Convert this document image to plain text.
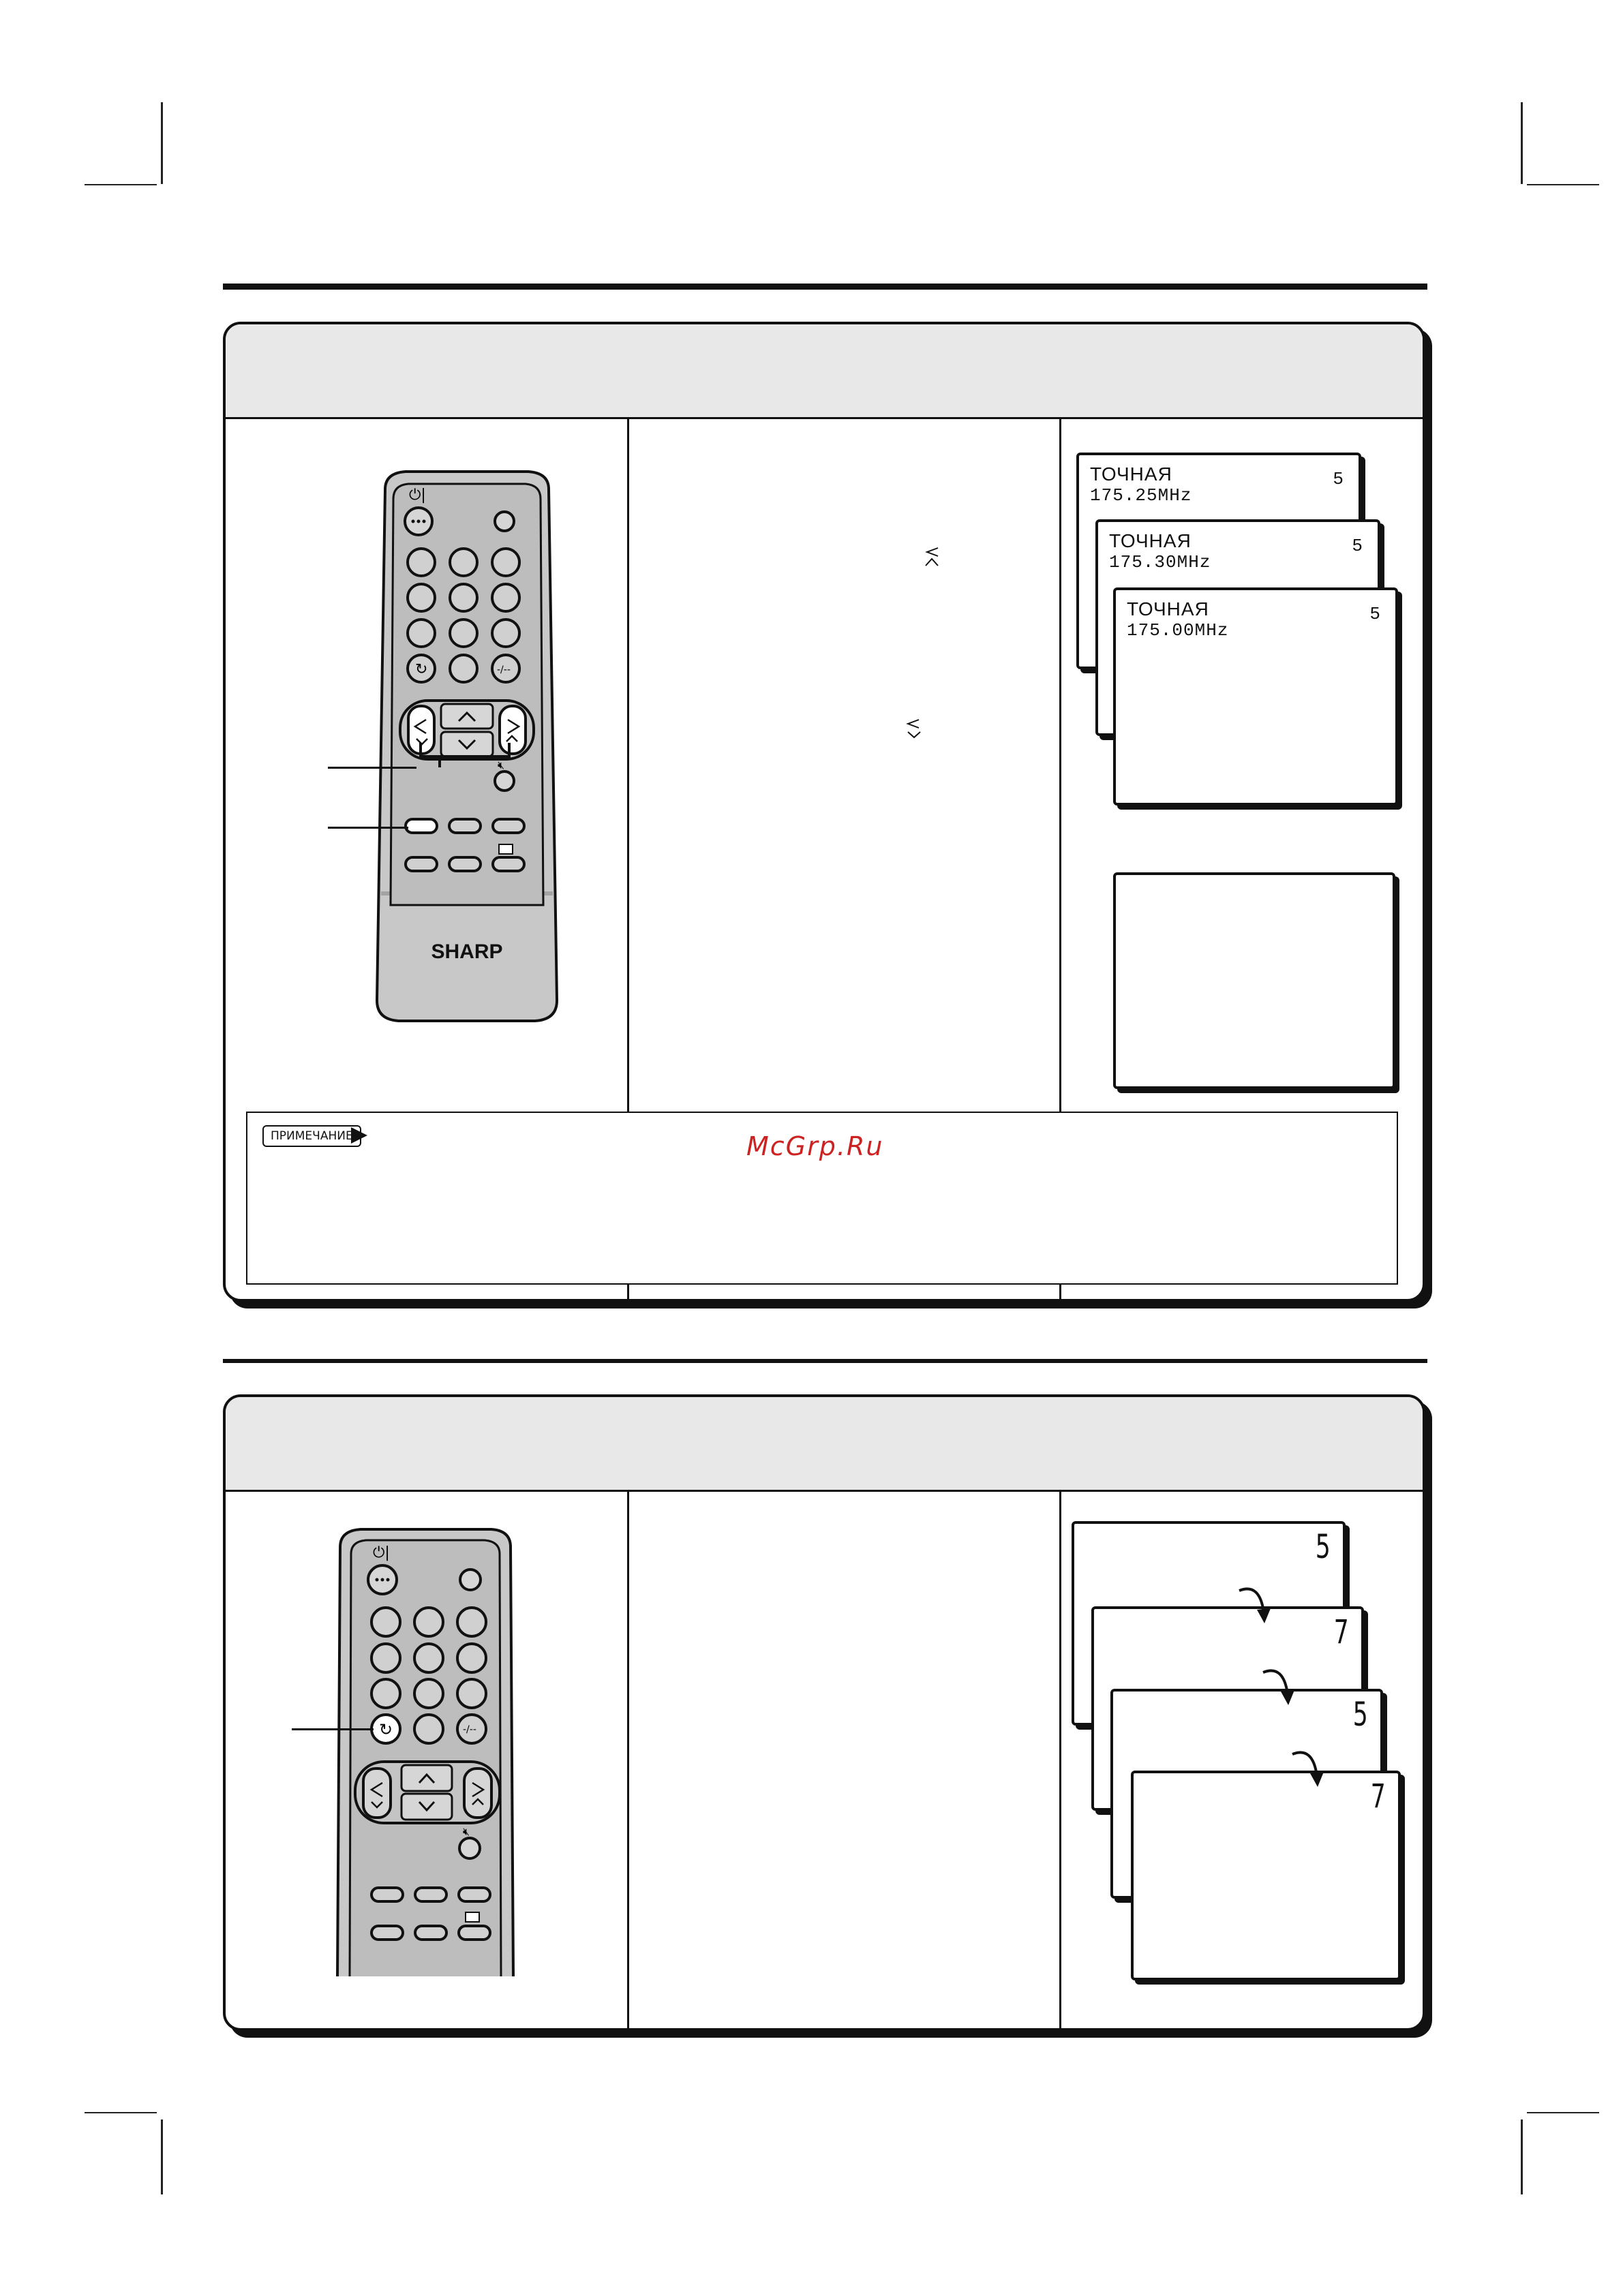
⏻|
↻	-/--
🔇︎
SHARP
ТОЧНАЯ
175.25MHz
5
ТОЧНАЯ
175.30MHz
5
ТОЧНАЯ
175.00MHz
5
ПРИМЕЧАНИЕ	McGrp.Ru
⏻|
↻	-/--
🔇︎
5
7
5
7
